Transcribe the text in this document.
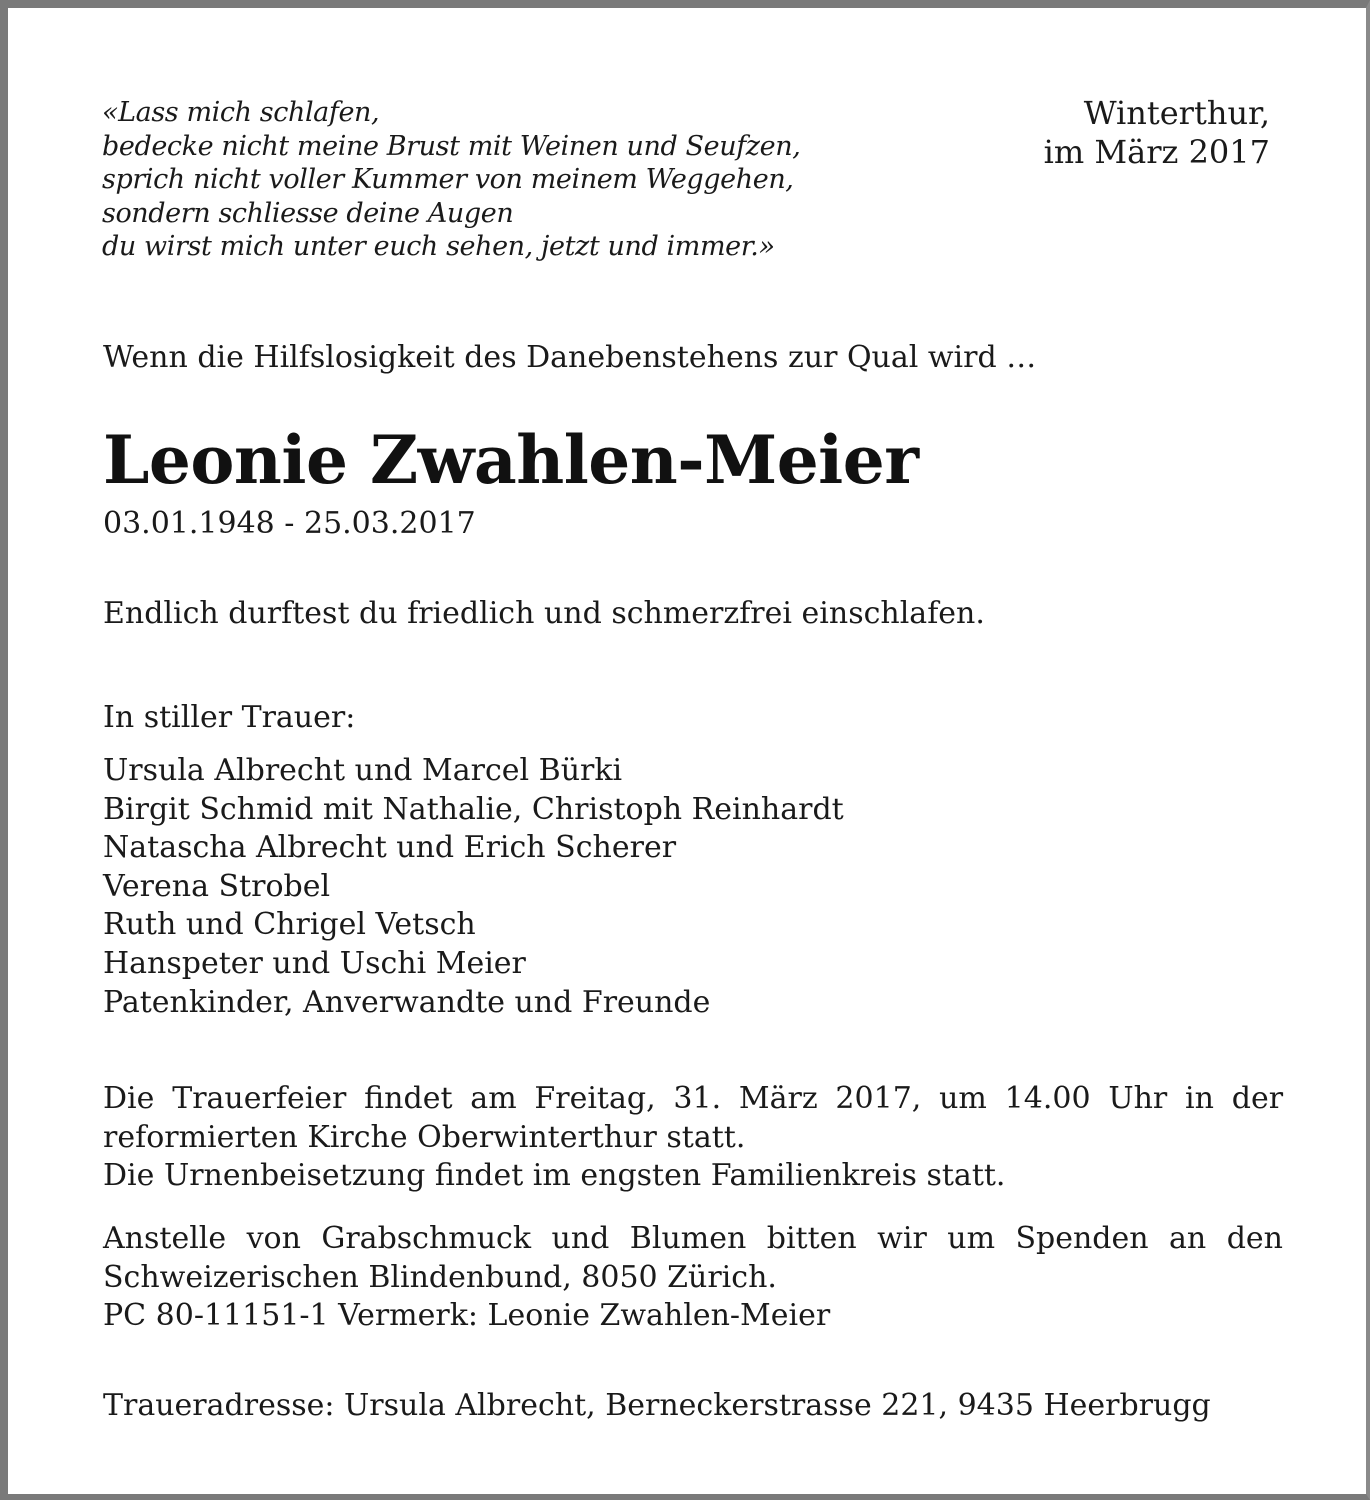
«Lass mich schlafen,
bedecke nicht meine Brust mit Weinen und Seufzen,
sprich nicht voller Kummer von meinem Weggehen,
sondern schliesse deine Augen
du wirst mich unter euch sehen, jetzt und immer.»
Winterthur,
im März 2017
Wenn die Hilfslosigkeit des Danebenstehens zur Qual wird …
Leonie Zwahlen-Meier
03.01.1948 - 25.03.2017
Endlich durftest du friedlich und schmerzfrei einschlafen.
In stiller Trauer:
Ursula Albrecht und Marcel Bürki
Birgit Schmid mit Nathalie, Christoph Reinhardt
Natascha Albrecht und Erich Scherer
Verena Strobel
Ruth und Chrigel Vetsch
Hanspeter und Uschi Meier
Patenkinder, Anverwandte und Freunde
Die Trauerfeier findet am Freitag, 31. März 2017, um 14.00 Uhr in der
reformierten Kirche Oberwinterthur statt.
Die Urnenbeisetzung findet im engsten Familienkreis statt.
Anstelle von Grabschmuck und Blumen bitten wir um Spenden an den
Schweizerischen Blindenbund, 8050 Zürich.
PC 80-11151-1 Vermerk: Leonie Zwahlen-Meier
Traueradresse: Ursula Albrecht, Berneckerstrasse 221, 9435 Heerbrugg
